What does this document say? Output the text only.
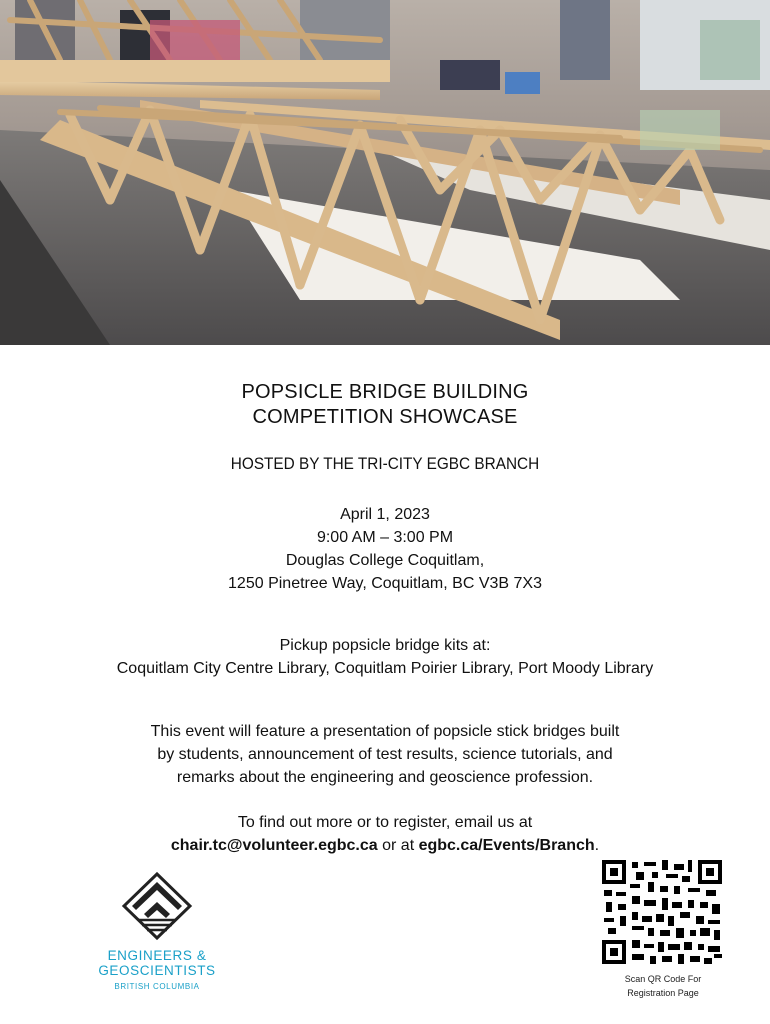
POPSICLE BRIDGE BUILDING
COMPETITION SHOWCASE
HOSTED BY THE TRI-CITY EGBC BRANCH
April 1, 2023
9:00 AM – 3:00 PM
Douglas College Coquitlam,
1250 Pinetree Way, Coquitlam, BC V3B 7X3
Pickup popsicle bridge kits at:
Coquitlam City Centre Library, Coquitlam Poirier Library, Port Moody Library
This event will feature a presentation of popsicle stick bridges built
by students, announcement of test results, science tutorials, and
remarks about the engineering and geoscience profession.
To find out more or to register, email us at
chair.tc@volunteer.egbc.ca or at egbc.ca/Events/Branch.
ENGINEERS &
GEOSCIENTISTS
BRITISH COLUMBIA
Scan QR Code For
Registration Page
